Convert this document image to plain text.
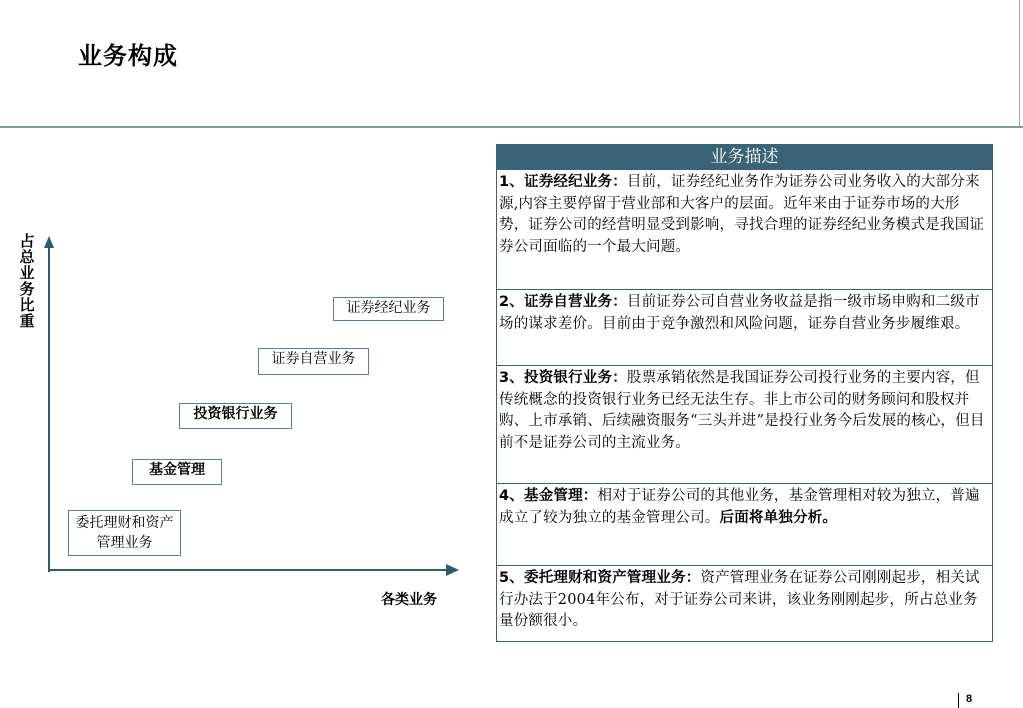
业务构成
占总业务比重
各类业务
证券经纪业务
证券自营业务
投资银行业务
基金管理
委托理财和资产管理业务
业务描述
1、证券经纪业务：目前，证券经纪业务作为证券公司业务收入的大部分来源,内容主要停留于营业部和大客户的层面。近年来由于证券市场的大形势，证券公司的经营明显受到影响，寻找合理的证券经纪业务模式是我国证券公司面临的一个最大问题。
2、证券自营业务：目前证券公司自营业务收益是指一级市场申购和二级市场的谋求差价。目前由于竞争激烈和风险问题，证券自营业务步履维艰。
3、投资银行业务：股票承销依然是我国证券公司投行业务的主要内容，但传统概念的投资银行业务已经无法生存。非上市公司的财务顾问和股权并购、上市承销、后续融资服务“三头并进”是投行业务今后发展的核心，但目前不是证券公司的主流业务。
4、基金管理：相对于证券公司的其他业务，基金管理相对较为独立，普遍成立了较为独立的基金管理公司。后面将单独分析。
5、委托理财和资产管理业务：资产管理业务在证券公司刚刚起步，相关试行办法于2004年公布，对于证券公司来讲，该业务刚刚起步，所占总业务量份额很小。
8
